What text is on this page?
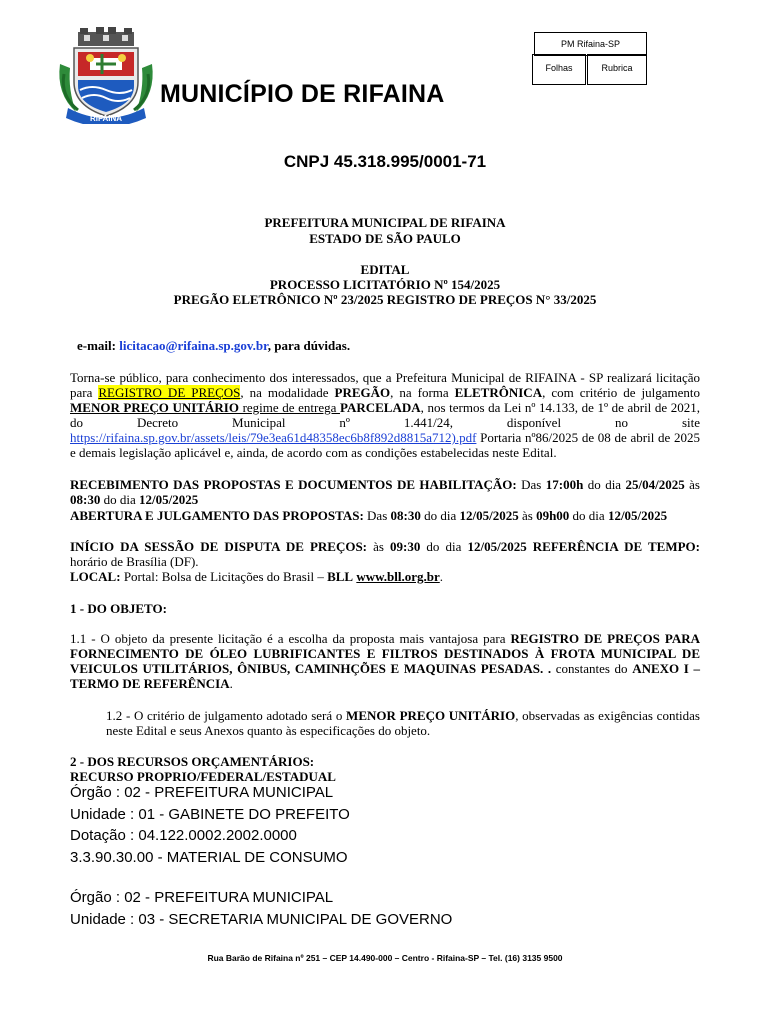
RIFAINA
PM Rifaina-SP
Folhas	Rubrica
MUNICÍPIO DE RIFAINA
CNPJ 45.318.995/0001-71
PREFEITURA MUNICIPAL DE RIFAINA
ESTADO DE SÃO PAULO
EDITAL
PROCESSO LICITATÓRIO Nº 154/2025
PREGÃO ELETRÔNICO Nº 23/2025 REGISTRO DE PREÇOS N° 33/2025
e-mail: licitacao@rifaina.sp.gov.br, para dúvidas.

Torna-se público, para conhecimento dos interessados, que a Prefeitura Municipal de RIFAINA - SP realizará licitação para REGISTRO DE PREÇOS, na modalidade PREGÃO, na forma ELETRÔNICA, com critério de julgamento MENOR PREÇO UNITÁRIO regime de entrega PARCELADA, nos termos da Lei nº 14.133, de 1º de abril de 2021, do Decreto Municipal nº 1.441/24, disponível no site https://rifaina.sp.gov.br/assets/leis/79e3ea61d48358ec6b8f892d8815a712).pdf Portaria nº86/2025 de 08 de abril de 2025 e demais legislação aplicável e, ainda, de acordo com as condições estabelecidas neste Edital.

RECEBIMENTO DAS PROPOSTAS E DOCUMENTOS DE HABILITAÇÃO: Das 17:00h do dia 25/04/2025 às 08:30 do dia 12/05/2025

ABERTURA E JULGAMENTO DAS PROPOSTAS: Das 08:30 do dia 12/05/2025 às 09h00 do dia 12/05/2025

INÍCIO DA SESSÃO DE DISPUTA DE PREÇOS: às 09:30 do dia 12/05/2025 REFERÊNCIA DE TEMPO: horário de Brasília (DF).

LOCAL: Portal: Bolsa de Licitações do Brasil – BLL www.bll.org.br.

1 - DO OBJETO:

1.1 - O objeto da presente licitação é a escolha da proposta mais vantajosa para REGISTRO DE PREÇOS PARA FORNECIMENTO DE ÓLEO LUBRIFICANTES E FILTROS DESTINADOS À FROTA MUNICIPAL DE VEICULOS UTILITÁRIOS, ÔNIBUS, CAMINHÇÕES E MAQUINAS PESADAS. . constantes do ANEXO I – TERMO DE REFERÊNCIA.

1.2 - O critério de julgamento adotado será o MENOR PREÇO UNITÁRIO, observadas as exigências contidas neste Edital e seus Anexos quanto às especificações do objeto.

2 - DOS RECURSOS ORÇAMENTÁRIOS:
RECURSO PROPRIO/FEDERAL/ESTADUAL
Órgão : 02 - PREFEITURA MUNICIPAL
Unidade : 01 - GABINETE DO PREFEITO
Dotação : 04.122.0002.2002.0000
3.3.90.30.00 - MATERIAL DE CONSUMO
Órgão : 02 - PREFEITURA MUNICIPAL
Unidade : 03 - SECRETARIA MUNICIPAL DE GOVERNO
Rua Barão de Rifaina nº 251 – CEP 14.490-000 – Centro - Rifaina-SP – Tel. (16) 3135 9500
